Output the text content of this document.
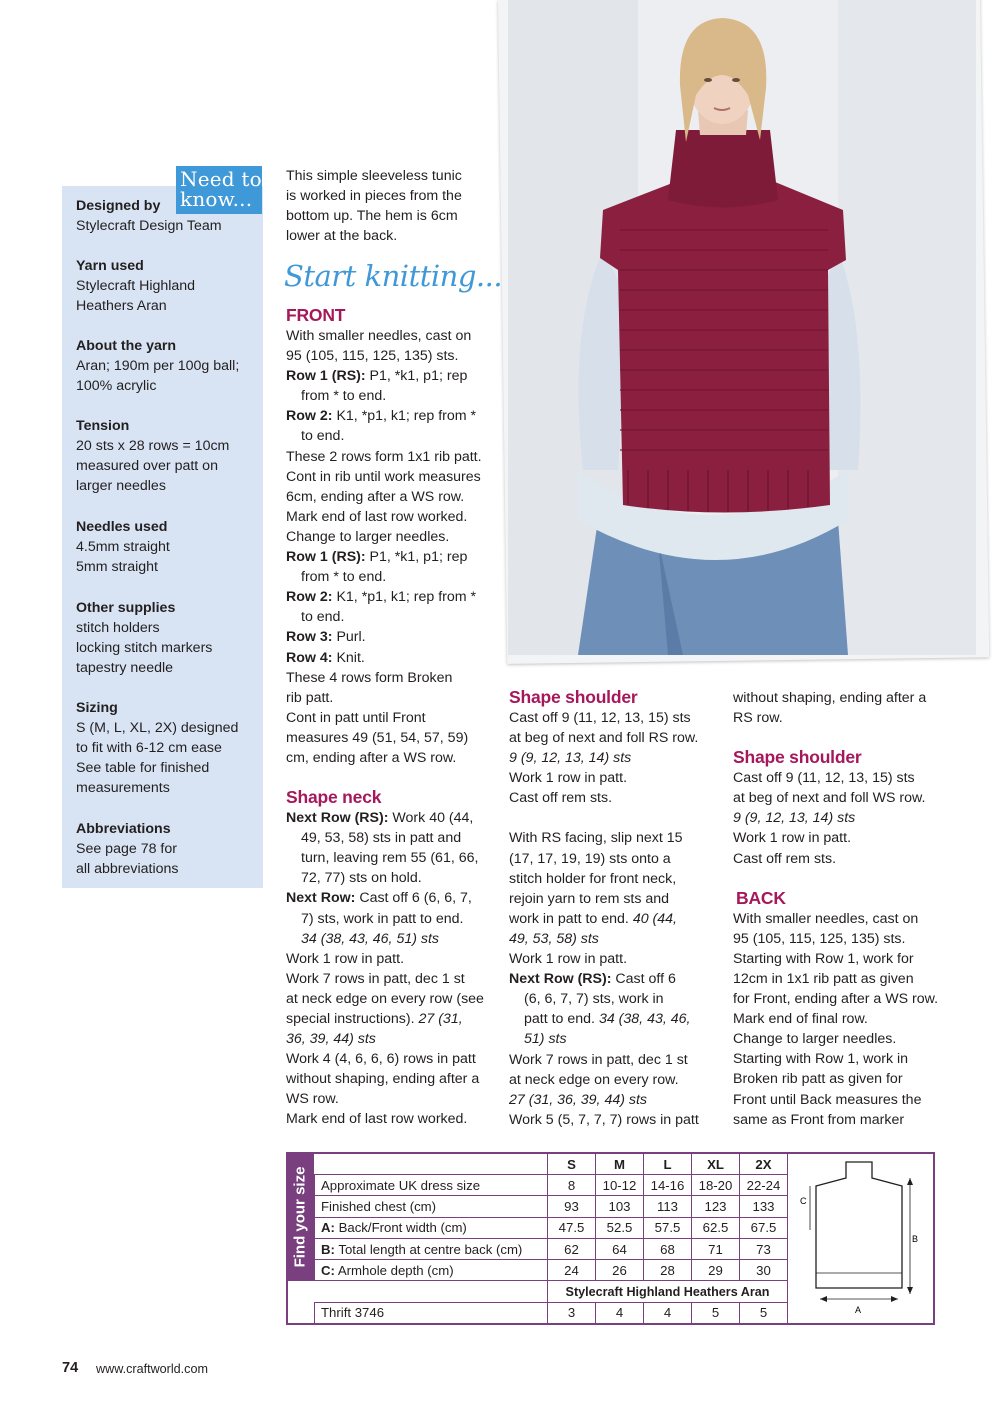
Need to
know...
Designed by
Stylecraft Design Team
Yarn used
Stylecraft Highland
Heathers Aran
About the yarn
Aran; 190m per 100g ball;
100% acrylic
Tension
20 sts x 28 rows = 10cm
measured over patt on
larger needles
Needles used
4.5mm straight
5mm straight
Other supplies
stitch holders
locking stitch markers
tapestry needle
Sizing
S (M, L, XL, 2X) designed
to fit with 6-12 cm ease
See table for finished
measurements
Abbreviations
See page 78 for
all abbreviations

This simple sleeveless tunic

is worked in pieces from the

bottom up. The hem is 6cm

lower at the back.

Start knitting...
FRONT

With smaller needles, cast on

95 (105, 115, 125, 135) sts.

Row 1 (RS): P1, *k1, p1; rep

from * to end.

Row 2: K1, *p1, k1; rep from *

to end.

These 2 rows form 1x1 rib patt.

Cont in rib until work measures

6cm, ending after a WS row.

Mark end of last row worked.

Change to larger needles.

Row 1 (RS): P1, *k1, p1; rep

from * to end.

Row 2: K1, *p1, k1; rep from *

to end.

Row 3: Purl.

Row 4: Knit.

These 4 rows form Broken

rib patt.

Cont in patt until Front

measures 49 (51, 54, 57, 59)

cm, ending after a WS row.

Shape neck

Next Row (RS): Work 40 (44,

49, 53, 58) sts in patt and

turn, leaving rem 55 (61, 66,

72, 77) sts on hold.

Next Row: Cast off 6 (6, 6, 7,

7) sts, work in patt to end.

34 (38, 43, 46, 51) sts

Work 1 row in patt.

Work 7 rows in patt, dec 1 st

at neck edge on every row (see

special instructions). 27 (31,

36, 39, 44) sts

Work 4 (4, 6, 6, 6) rows in patt

without shaping, ending after a

WS row.

Mark end of last row worked.

Shape shoulder

Cast off 9 (11, 12, 13, 15) sts

at beg of next and foll RS row.

9 (9, 12, 13, 14) sts

Work 1 row in patt.

Cast off rem sts.

With RS facing, slip next 15

(17, 17, 19, 19) sts onto a

stitch holder for front neck,

rejoin yarn to rem sts and

work in patt to end. 40 (44,

49, 53, 58) sts

Work 1 row in patt.

Next Row (RS): Cast off 6

(6, 6, 7, 7) sts, work in

patt to end. 34 (38, 43, 46,

51) sts

Work 7 rows in patt, dec 1 st

at neck edge on every row.

27 (31, 36, 39, 44) sts

Work 5 (5, 7, 7, 7) rows in patt

without shaping, ending after a

RS row.

Shape shoulder

Cast off 9 (11, 12, 13, 15) sts

at beg of next and foll WS row.

9 (9, 12, 13, 14) sts

Work 1 row in patt.

Cast off rem sts.

BACK

With smaller needles, cast on

95 (105, 115, 125, 135) sts.

Starting with Row 1, work for

12cm in 1x1 rib patt as given

for Front, ending after a WS row.

Mark end of final row.

Change to larger needles.

Starting with Row 1, work in

Broken rib patt as given for

Front until Back measures the

same as Front from marker

Find your size
	S	M	L	XL	2X
Approximate UK dress size	8	10-12	14-16	18-20	22-24
Finished chest (cm)	93	103	113	123	133
A: Back/Front width (cm)	47.5	52.5	57.5	62.5	67.5
B: Total length at centre back (cm)	62	64	68	71	73
C: Armhole depth (cm)	24	26	28	29	30
	Stylecraft Highland Heathers Aran				
Thrift 3746	3	4	4	5	5
C
B
A
74 www.craftworld.com
